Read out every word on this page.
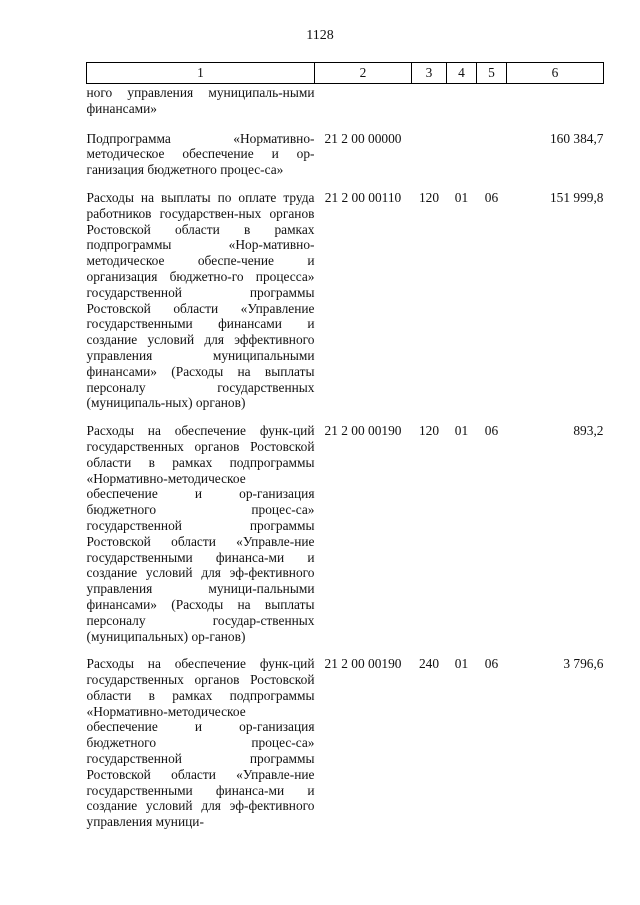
1128
1	2	3	4	5	6
ного управления муниципаль-ными финансами»					
Подпрограмма «Нормативно-методическое обеспечение и ор-ганизация бюджетного процес-са»	21 2 00 00000				160 384,7
Расходы на выплаты по оплате труда работников государствен-ных органов Ростовской области в рамках подпрограммы «Нор-мативно-методическое обеспе-чение и организация бюджетно-го процесса» государственной программы Ростовской области «Управление государственными финансами и создание условий для эффективного управления муниципальными финансами» (Расходы на выплаты персоналу государственных (муниципаль-ных) органов)	21 2 00 00110	120	01	06	151 999,8
Расходы на обеспечение функ-ций государственных органов Ростовской области в рамках подпрограммы «Нормативно-методическое обеспечение и ор-ганизация бюджетного процес-са» государственной программы Ростовской области «Управле-ние государственными финанса-ми и создание условий для эф-фективного управления муници-пальными финансами» (Расходы на выплаты персоналу государ-ственных (муниципальных) ор-ганов)	21 2 00 00190	120	01	06	893,2
Расходы на обеспечение функ-ций государственных органов Ростовской области в рамках подпрограммы «Нормативно-методическое обеспечение и ор-ганизация бюджетного процес-са» государственной программы Ростовской области «Управле-ние государственными финанса-ми и создание условий для эф-фективного управления муници-	21 2 00 00190	240	01	06	3 796,6
